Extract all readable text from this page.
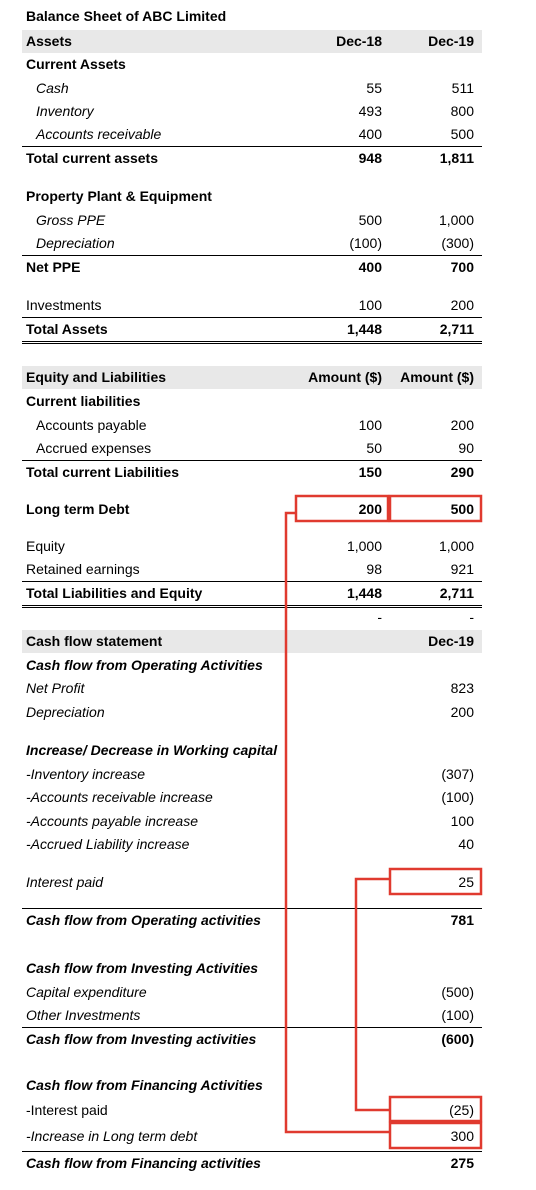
Balance Sheet of ABC Limited
Assets	Dec-18	Dec-19
Current Assets
Cash	55	511
Inventory	493	800
Accounts receivable	400	500
Total current assets	948	1,811
Property Plant & Equipment
Gross PPE	500	1,000
Depreciation	(100)	(300)
Net PPE	400	700
Investments	100	200
Total Assets	1,448	2,711
Equity and Liabilities	Amount ($)	Amount ($)
Current liabilities
Accounts payable	100	200
Accrued expenses	50	90
Total current Liabilities	150	290
Long term Debt	200	500
Equity	1,000	1,000
Retained earnings	98	921
Total Liabilities and Equity	1,448	2,711
-	-
Cash flow statement	Dec-19
Cash flow from Operating Activities
Net Profit	823
Depreciation	200
Increase/ Decrease in Working capital
-Inventory increase	(307)
-Accounts receivable increase	(100)
-Accounts payable increase	100
-Accrued Liability increase	40
Interest paid	25
Cash flow from Operating activities	781
Cash flow from Investing Activities
Capital expenditure	(500)
Other Investments	(100)
Cash flow from Investing activities	(600)
Cash flow from Financing Activities
-Interest paid	(25)
-Increase in Long term debt	300
Cash flow from Financing activities	275
